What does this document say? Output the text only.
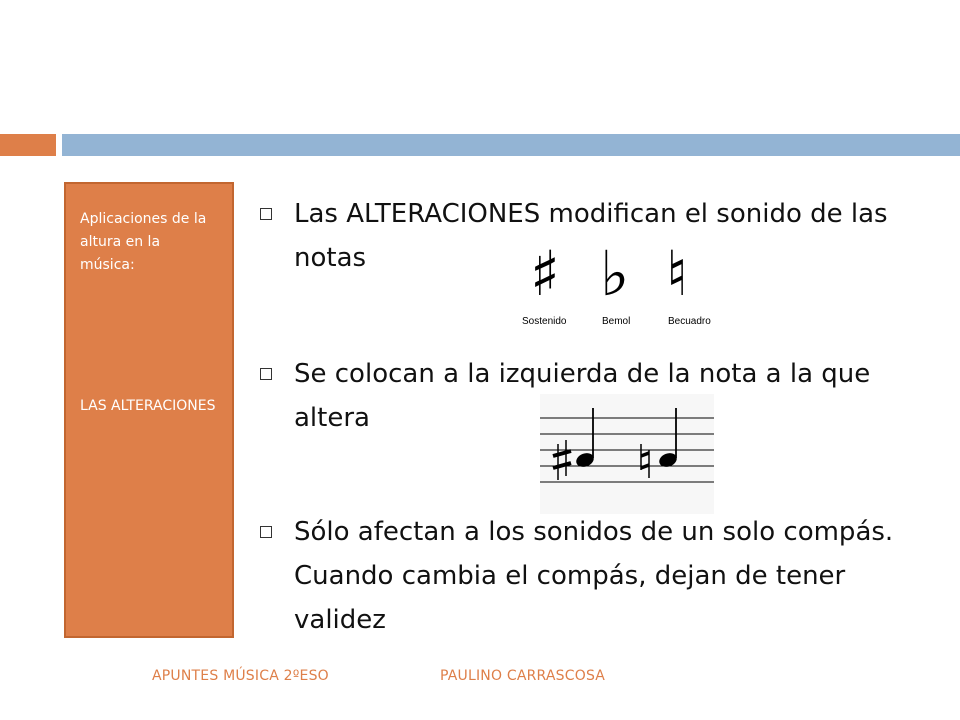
Aplicaciones de la altura en la música:

LAS ALTERACIONES

Las ALTERACIONES modifican el sonido de las notas	♯ ♭ ♮
Sostenido	Bemol	Becuadro
Se colocan a la izquierda de la nota a la que altera
Sólo afectan a los sonidos de un solo compás. Cuando cambia el compás, dejan de tener validez
APUNTES MÚSICA 2ºESO	PAULINO CARRASCOSA
